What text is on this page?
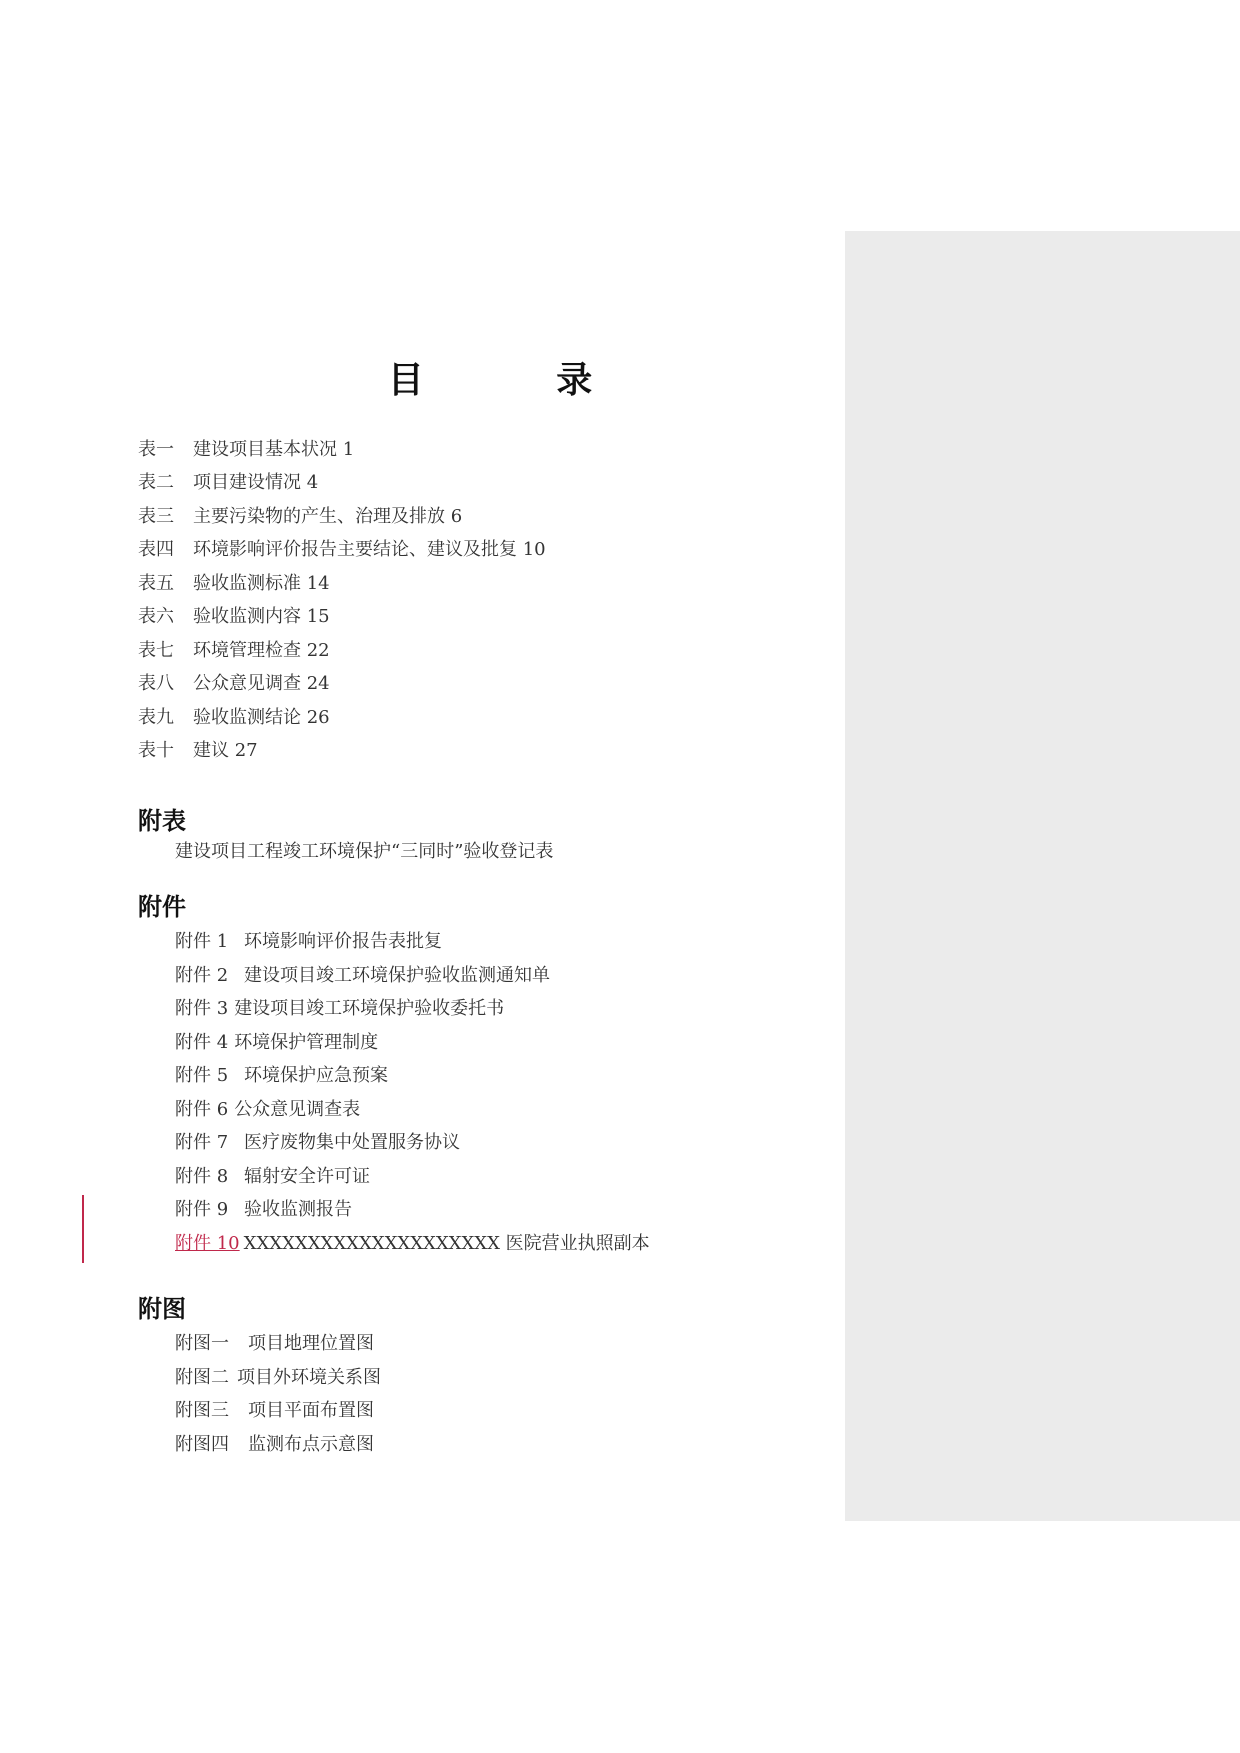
目 录
表一 建设项目基本状况 1
表二 项目建设情况 4
表三 主要污染物的产生、治理及排放 6
表四 环境影响评价报告主要结论、建议及批复 10
表五 验收监测标准 14
表六 验收监测内容 15
表七 环境管理检查 22
表八 公众意见调查 24
表九 验收监测结论 26
表十 建议 27
附表
建设项目工程竣工环境保护“三同时”验收登记表
附件
附件 1 环境影响评价报告表批复
附件 2 建设项目竣工环境保护验收监测通知单
附件 3 建设项目竣工环境保护验收委托书
附件 4 环境保护管理制度
附件 5 环境保护应急预案
附件 6 公众意见调查表
附件 7 医疗废物集中处置服务协议
附件 8 辐射安全许可证
附件 9 验收监测报告
附件 10 XXXXXXXXXXXXXXXXXXXX 医院营业执照副本
附图
附图一 项目地理位置图
附图二 项目外环境关系图
附图三 项目平面布置图
附图四 监测布点示意图
